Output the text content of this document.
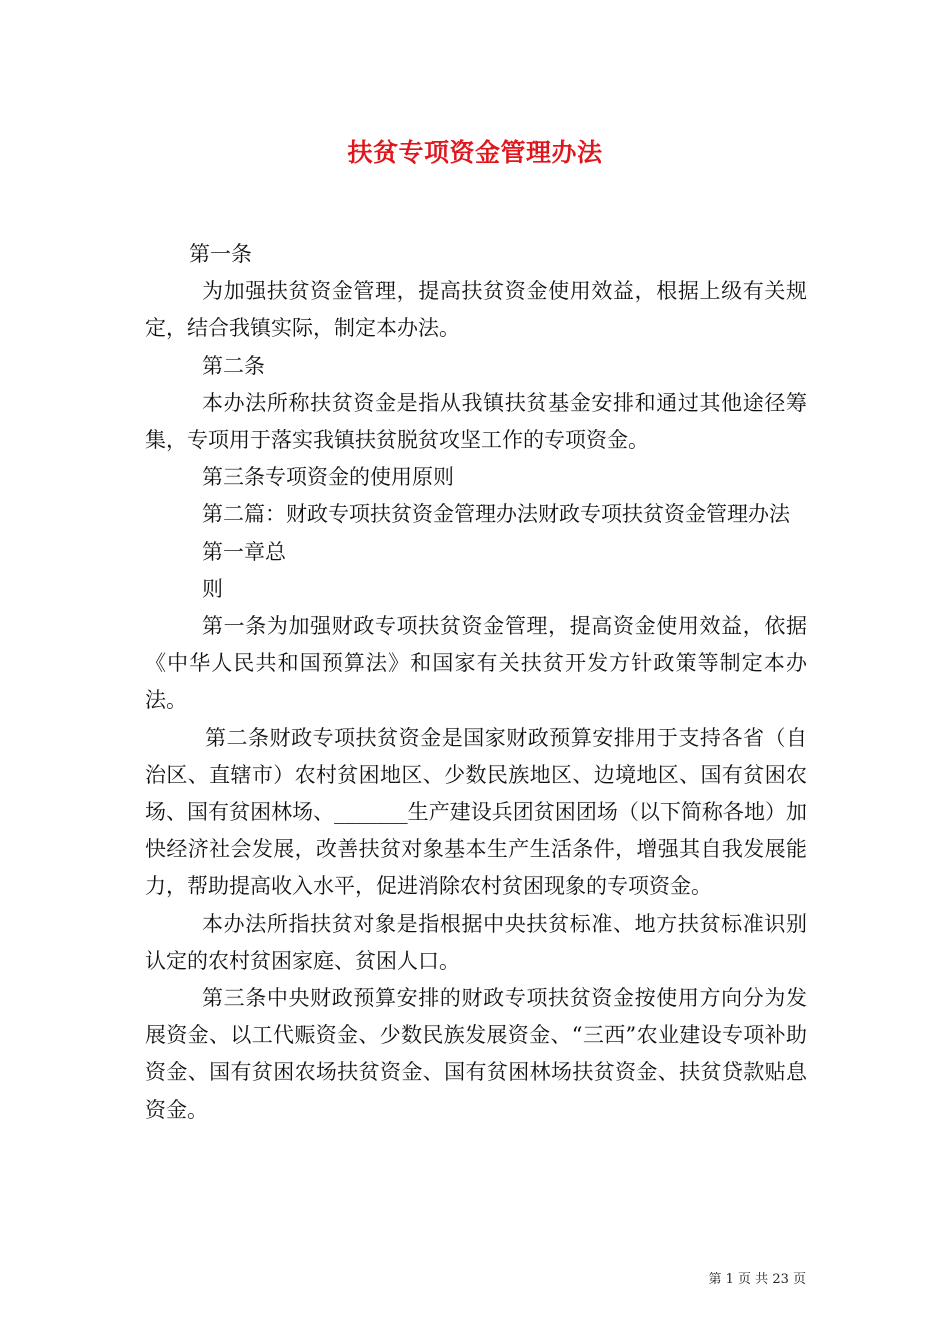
扶贫专项资金管理办法

第一条

为加强扶贫资金管理，提高扶贫资金使用效益，根据上级有关规定，结合我镇实际，制定本办法。

第二条

本办法所称扶贫资金是指从我镇扶贫基金安排和通过其他途径筹集，专项用于落实我镇扶贫脱贫攻坚工作的专项资金。

第三条专项资金的使用原则

第二篇：财政专项扶贫资金管理办法财政专项扶贫资金管理办法

第一章总

则

第一条为加强财政专项扶贫资金管理，提高资金使用效益，依据《中华人民共和国预算法》和国家有关扶贫开发方针政策等制定本办法。

第二条财政专项扶贫资金是国家财政预算安排用于支持各省（自治区、直辖市）农村贫困地区、少数民族地区、边境地区、国有贫困农场、国有贫困林场、_______生产建设兵团贫困团场（以下简称各地）加快经济社会发展，改善扶贫对象基本生产生活条件，增强其自我发展能力，帮助提高收入水平，促进消除农村贫困现象的专项资金。

本办法所指扶贫对象是指根据中央扶贫标准、地方扶贫标准识别认定的农村贫困家庭、贫困人口。

第三条中央财政预算安排的财政专项扶贫资金按使用方向分为发展资金、以工代赈资金、少数民族发展资金、“三西”农业建设专项补助资金、国有贫困农场扶贫资金、国有贫困林场扶贫资金、扶贫贷款贴息资金。

第 1 页 共 23 页
